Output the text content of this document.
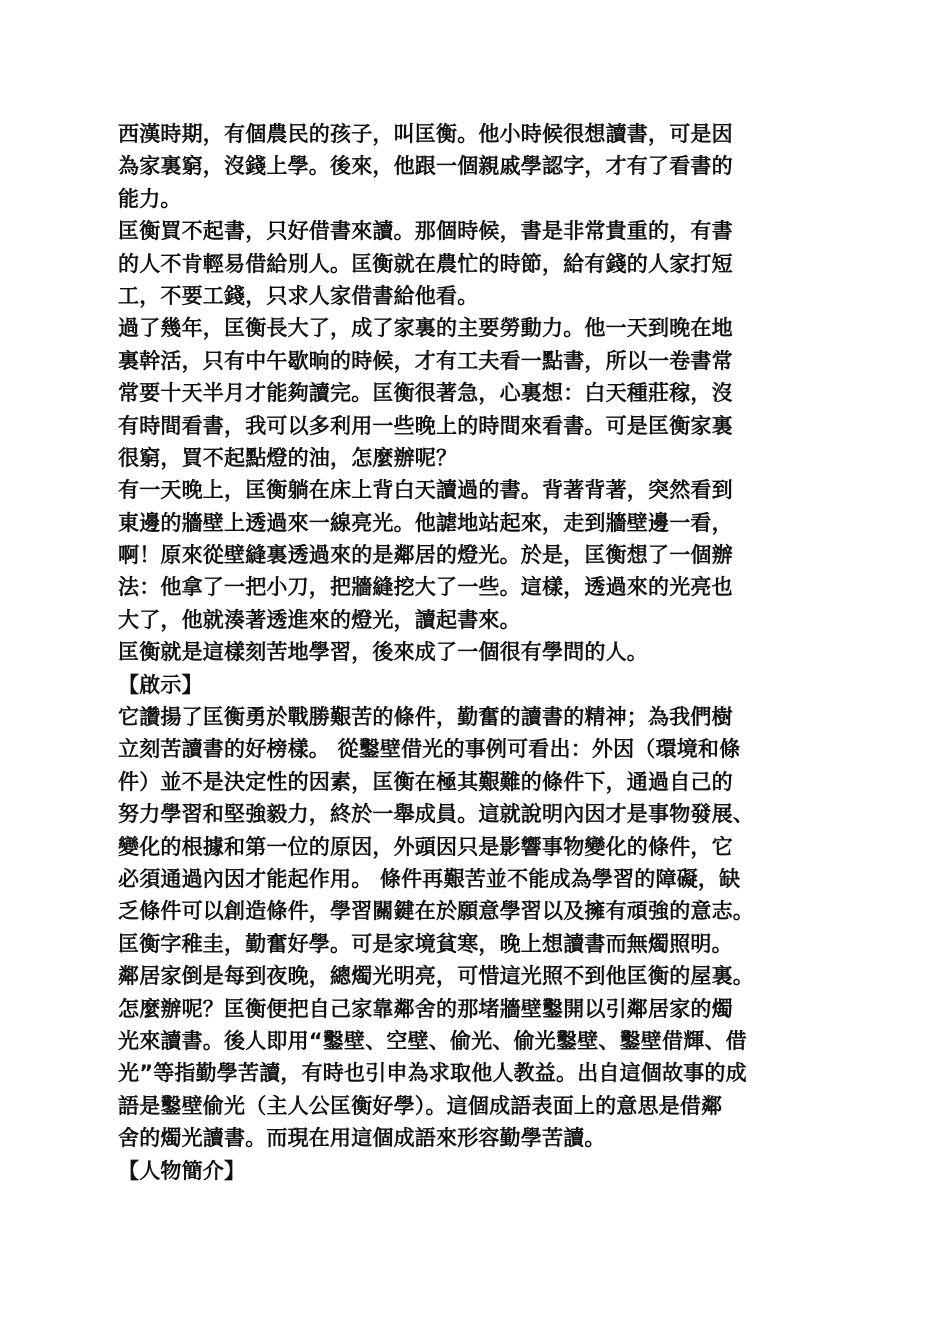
西漢時期，有個農民的孩子，叫匡衡。他小時候很想讀書，可是因
為家裏窮，沒錢上學。後來，他跟一個親戚學認字，才有了看書的
能力。
匡衡買不起書，只好借書來讀。那個時候，書是非常貴重的，有書
的人不肯輕易借給別人。匡衡就在農忙的時節，給有錢的人家打短
工，不要工錢，只求人家借書給他看。
過了幾年，匡衡長大了，成了家裏的主要勞動力。他一天到晚在地
裏幹活，只有中午歇晌的時候，才有工夫看一點書，所以一卷書常
常要十天半月才能夠讀完。匡衡很著急，心裏想：白天種莊稼，沒
有時間看書，我可以多利用一些晚上的時間來看書。可是匡衡家裏
很窮，買不起點燈的油，怎麼辦呢？
有一天晚上，匡衡躺在床上背白天讀過的書。背著背著，突然看到
東邊的牆壁上透過來一線亮光。他謔地站起來，走到牆壁邊一看，
啊！原來從壁縫裏透過來的是鄰居的燈光。於是，匡衡想了一個辦
法：他拿了一把小刀，把牆縫挖大了一些。這樣，透過來的光亮也
大了，他就湊著透進來的燈光，讀起書來。
匡衡就是這樣刻苦地學習，後來成了一個很有學問的人。
【啟示】
它讚揚了匡衡勇於戰勝艱苦的條件，勤奮的讀書的精神；為我們樹
立刻苦讀書的好榜樣。 從鑿壁借光的事例可看出：外因（環境和條
件）並不是決定性的因素，匡衡在極其艱難的條件下，通過自己的
努力學習和堅強毅力，終於一舉成員。這就說明內因才是事物發展、
變化的根據和第一位的原因，外頭因只是影響事物變化的條件，它
必須通過內因才能起作用。 條件再艱苦並不能成為學習的障礙，缺
乏條件可以創造條件，學習關鍵在於願意學習以及擁有頑強的意志。
匡衡字稚圭，勤奮好學。可是家境貧寒，晚上想讀書而無燭照明。
鄰居家倒是每到夜晚，總燭光明亮，可惜這光照不到他匡衡的屋裏。
怎麼辦呢？匡衡便把自己家靠鄰舍的那堵牆壁鑿開以引鄰居家的燭
光來讀書。後人即用“鑿壁、空壁、偷光、偷光鑿壁、鑿壁借輝、借
光”等指勤學苦讀，有時也引申為求取他人教益。出自這個故事的成
語是鑿壁偷光（主人公匡衡好學）。這個成語表面上的意思是借鄰
舍的燭光讀書。而現在用這個成語來形容勤學苦讀。
【人物簡介】
